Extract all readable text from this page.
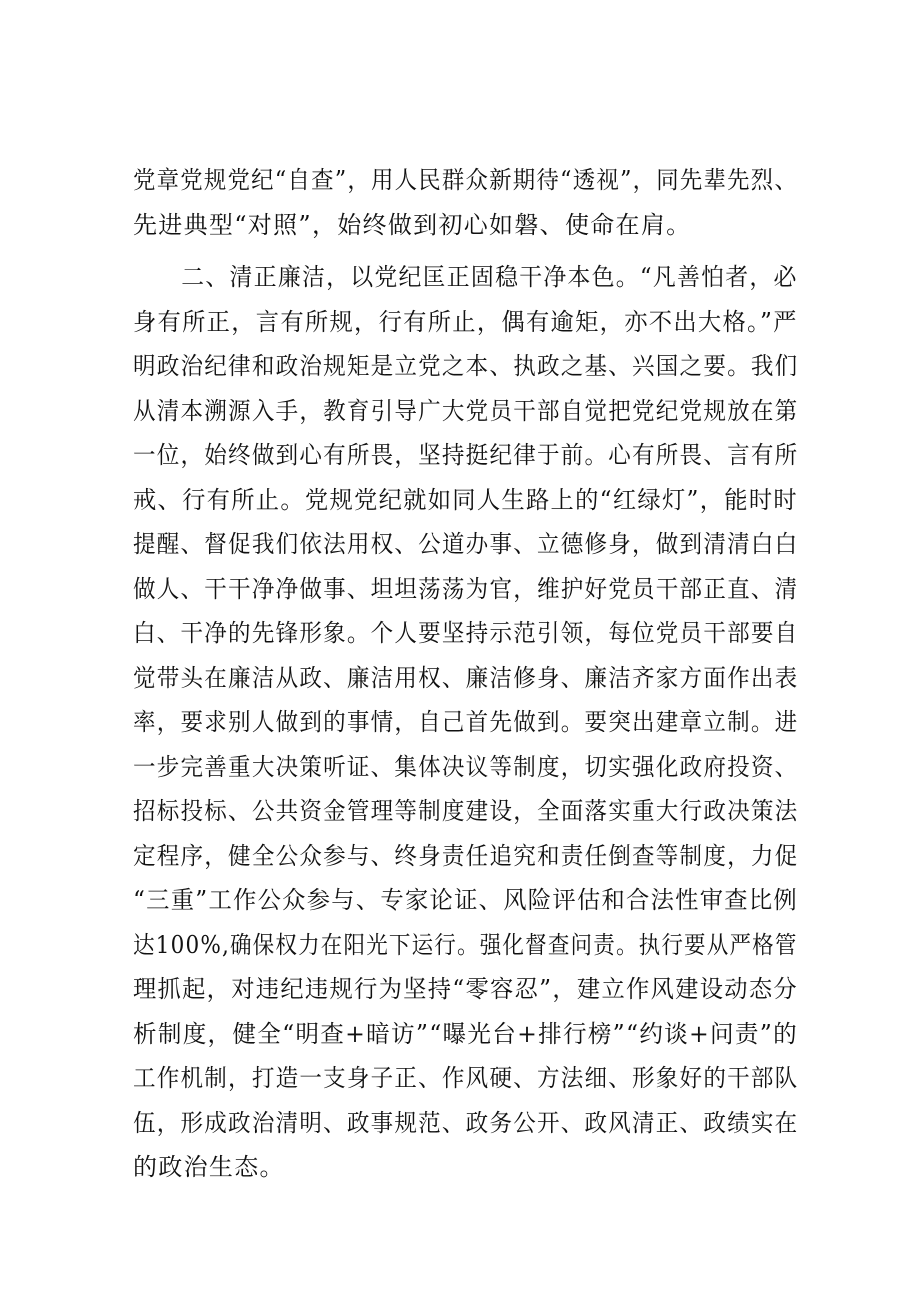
党章党规党纪“自查”，用人民群众新期待“透视”，同先辈先烈、
先进典型“对照”，始终做到初心如磐、使命在肩。
　　二、清正廉洁，以党纪匡正固稳干净本色。“凡善怕者，必
身有所正，言有所规，行有所止，偶有逾矩，亦不出大格。”严
明政治纪律和政治规矩是立党之本、执政之基、兴国之要。我们
从清本溯源入手，教育引导广大党员干部自觉把党纪党规放在第
一位，始终做到心有所畏，坚持挺纪律于前。心有所畏、言有所
戒、行有所止。党规党纪就如同人生路上的“红绿灯”，能时时
提醒、督促我们依法用权、公道办事、立德修身，做到清清白白
做人、干干净净做事、坦坦荡荡为官，维护好党员干部正直、清
白、干净的先锋形象。个人要坚持示范引领，每位党员干部要自
觉带头在廉洁从政、廉洁用权、廉洁修身、廉洁齐家方面作出表
率，要求别人做到的事情，自己首先做到。要突出建章立制。进
一步完善重大决策听证、集体决议等制度，切实强化政府投资、
招标投标、公共资金管理等制度建设，全面落实重大行政决策法
定程序，健全公众参与、终身责任追究和责任倒查等制度，力促
“三重”工作公众参与、专家论证、风险评估和合法性审查比例
达100%,确保权力在阳光下运行。强化督查问责。执行要从严格管
理抓起，对违纪违规行为坚持“零容忍”，建立作风建设动态分
析制度，健全“明查+暗访”“曝光台+排行榜”“约谈+问责”的
工作机制，打造一支身子正、作风硬、方法细、形象好的干部队
伍，形成政治清明、政事规范、政务公开、政风清正、政绩实在
的政治生态。
